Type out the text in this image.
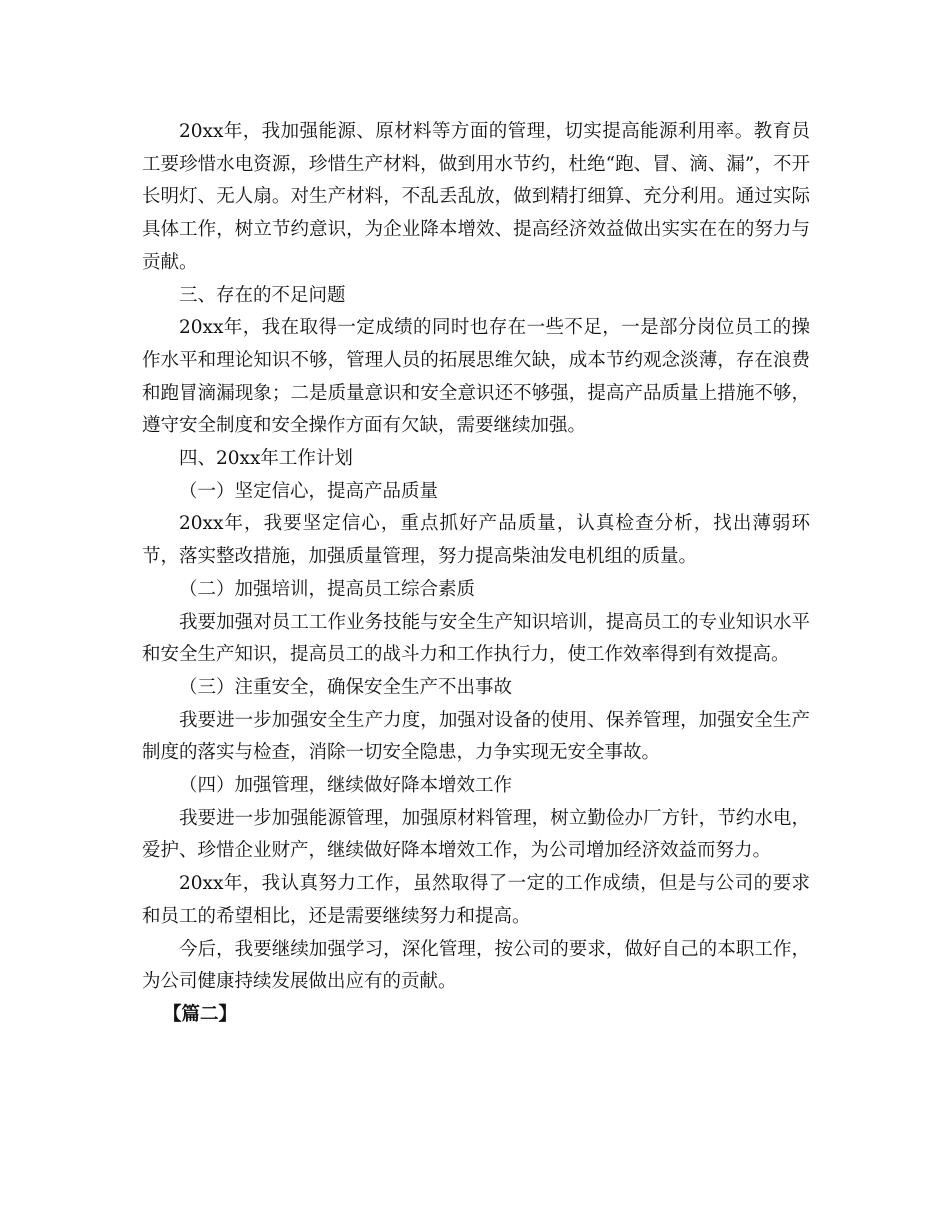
20xx年，我加强能源、原材料等方面的管理，切实提高能源利用率。教育员工要珍惜水电资源，珍惜生产材料，做到用水节约，杜绝“跑、冒、滴、漏”，不开长明灯、无人扇。对生产材料，不乱丢乱放，做到精打细算、充分利用。通过实际具体工作，树立节约意识，为企业降本增效、提高经济效益做出实实在在的努力与贡献。

三、存在的不足问题

20xx年，我在取得一定成绩的同时也存在一些不足，一是部分岗位员工的操作水平和理论知识不够，管理人员的拓展思维欠缺，成本节约观念淡薄，存在浪费和跑冒滴漏现象；二是质量意识和安全意识还不够强，提高产品质量上措施不够，遵守安全制度和安全操作方面有欠缺，需要继续加强。

四、20xx年工作计划

（一）坚定信心，提高产品质量

20xx年，我要坚定信心，重点抓好产品质量，认真检查分析，找出薄弱环节，落实整改措施，加强质量管理，努力提高柴油发电机组的质量。

（二）加强培训，提高员工综合素质

我要加强对员工工作业务技能与安全生产知识培训，提高员工的专业知识水平和安全生产知识，提高员工的战斗力和工作执行力，使工作效率得到有效提高。

（三）注重安全，确保安全生产不出事故

我要进一步加强安全生产力度，加强对设备的使用、保养管理，加强安全生产制度的落实与检查，消除一切安全隐患，力争实现无安全事故。

（四）加强管理，继续做好降本增效工作

我要进一步加强能源管理，加强原材料管理，树立勤俭办厂方针，节约水电，爱护、珍惜企业财产，继续做好降本增效工作，为公司增加经济效益而努力。

20xx年，我认真努力工作，虽然取得了一定的工作成绩，但是与公司的要求和员工的希望相比，还是需要继续努力和提高。

今后，我要继续加强学习，深化管理，按公司的要求，做好自己的本职工作，为公司健康持续发展做出应有的贡献。

【篇二】
